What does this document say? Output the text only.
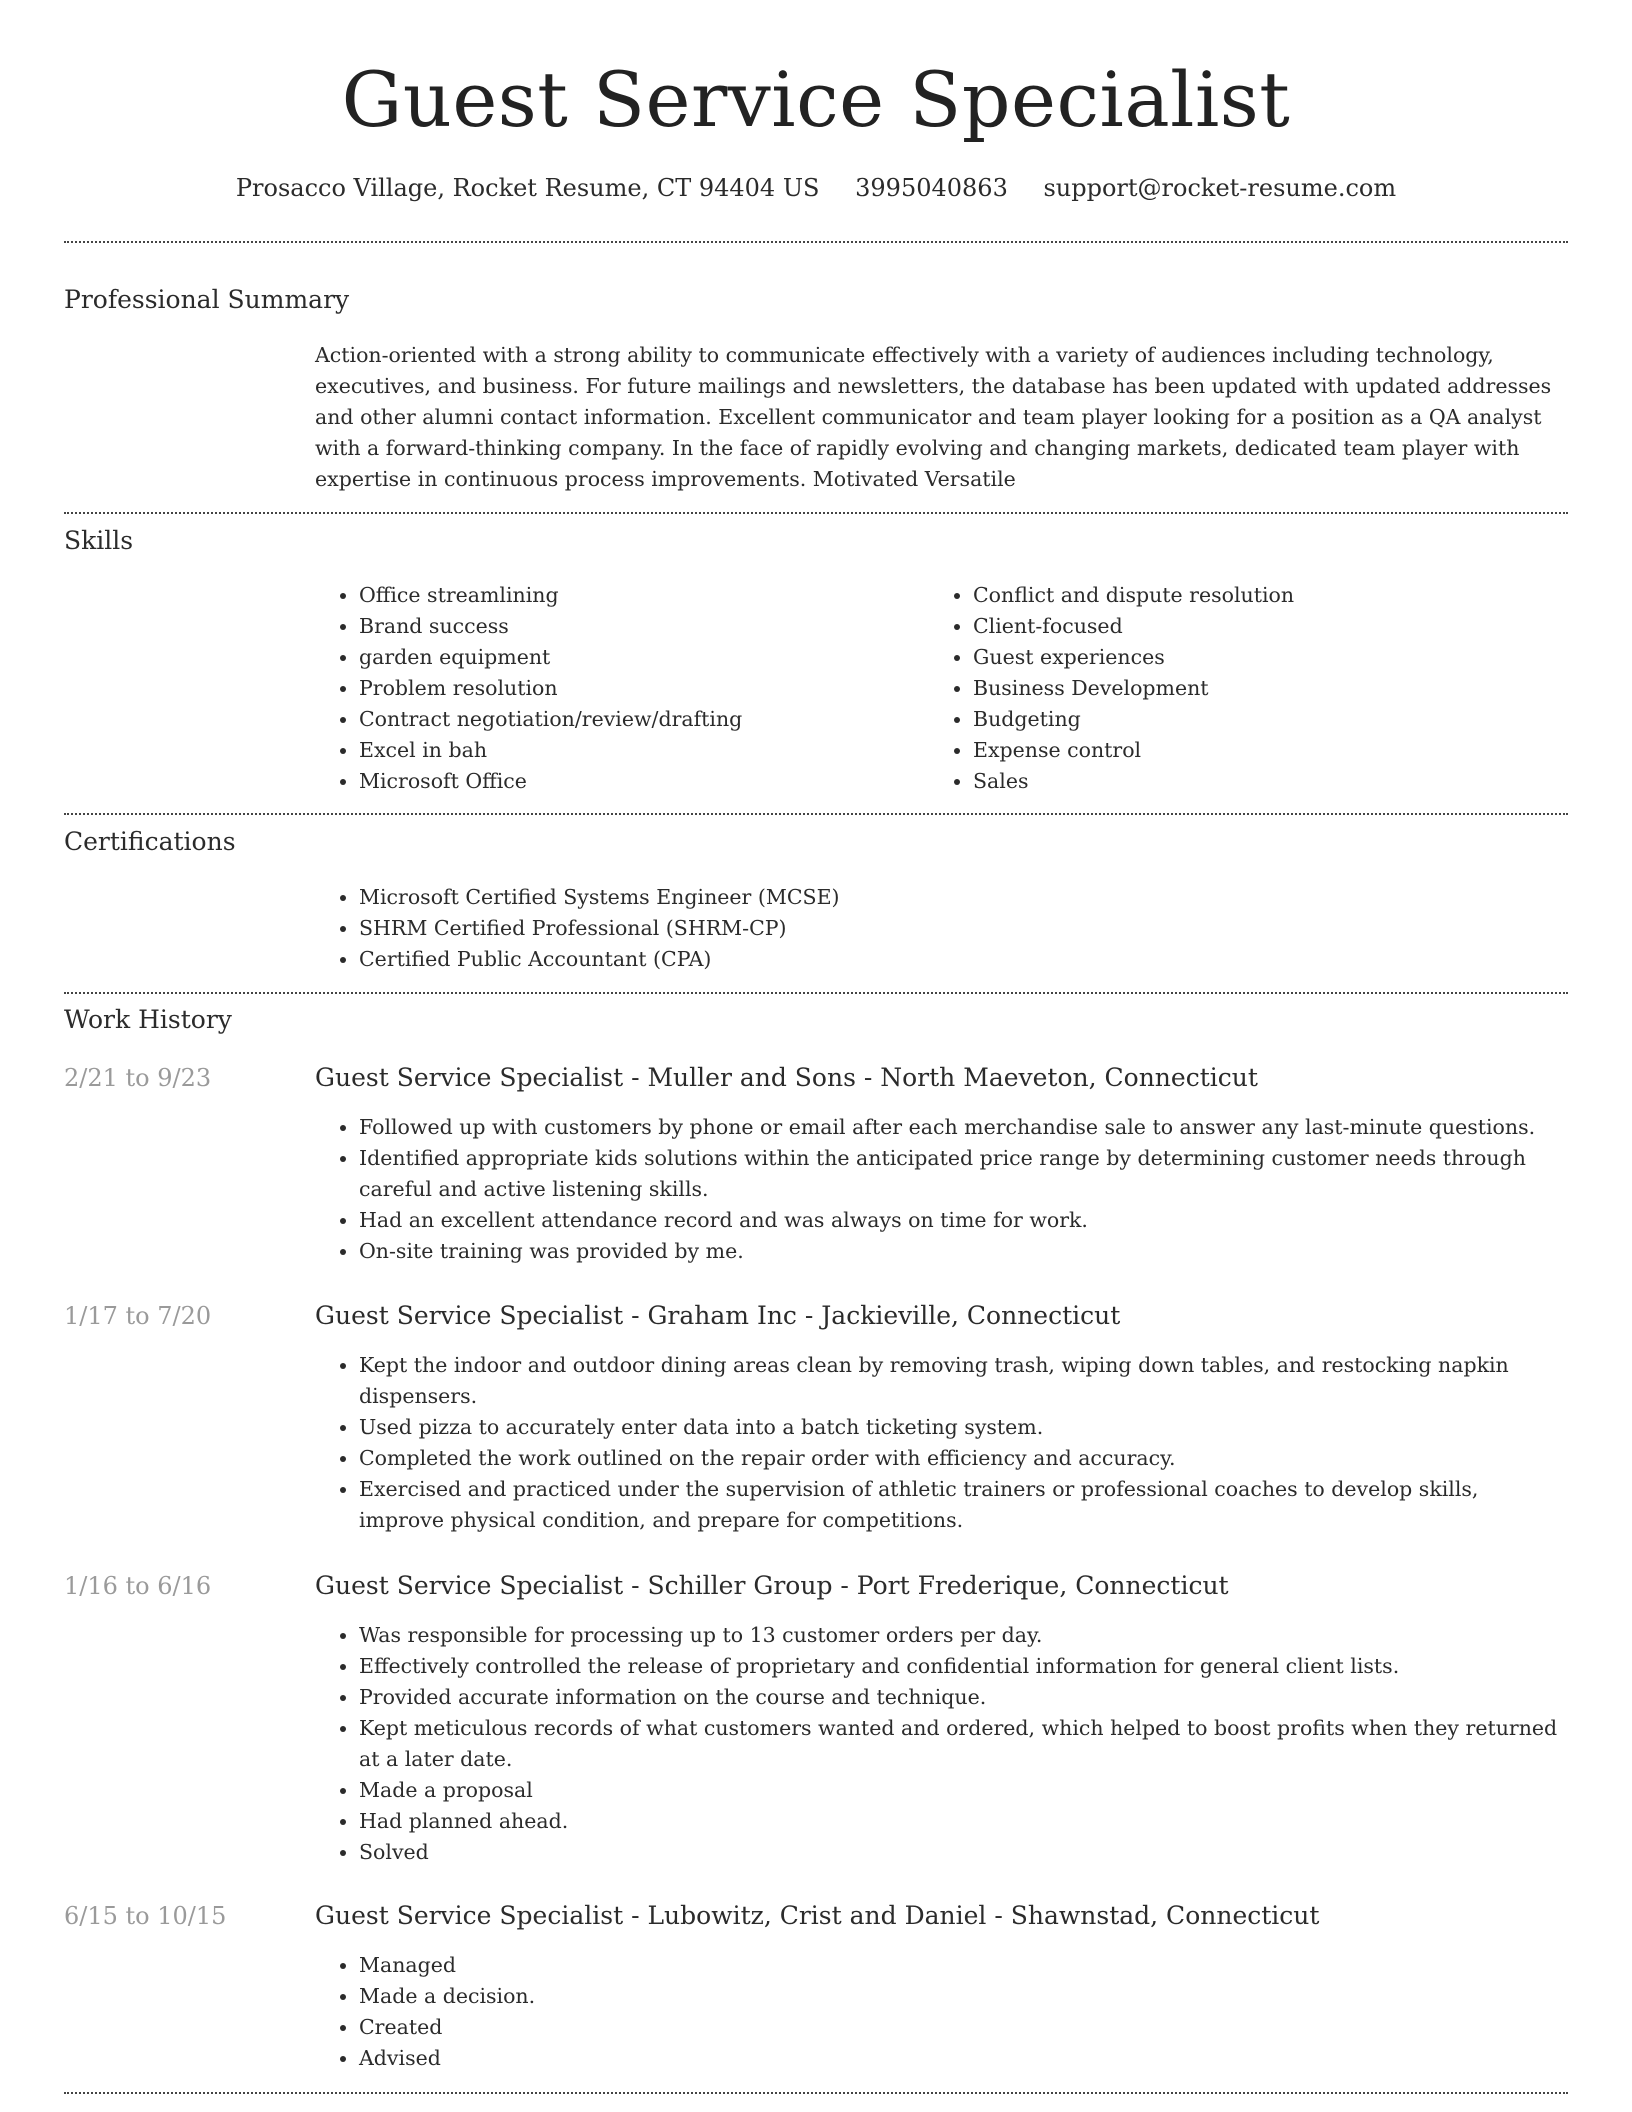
Guest Service Specialist
Prosacco Village, Rocket Resume, CT 94404 US 3995040863 support@rocket-resume.com
Professional Summary

Action-oriented with a strong ability to communicate effectively with a variety of audiences including technology, executives, and business. For future mailings and newsletters, the database has been updated with updated addresses and other alumni contact information. Excellent communicator and team player looking for a position as a QA analyst with a forward-thinking company. In the face of rapidly evolving and changing markets, dedicated team player with expertise in continuous process improvements. Motivated Versatile

Skills
• Office streamlining
• Brand success
• garden equipment
• Problem resolution
• Contract negotiation/review/drafting
• Excel in bah
• Microsoft Office
• Conflict and dispute resolution
• Client-focused
• Guest experiences
• Business Development
• Budgeting
• Expense control
• Sales
Certifications
• Microsoft Certified Systems Engineer (MCSE)
• SHRM Certified Professional (SHRM-CP)
• Certified Public Accountant (CPA)
Work History
2/21 to 9/23	Guest Service Specialist - Muller and Sons - North Maeveton, Connecticut
• Followed up with customers by phone or email after each merchandise sale to answer any last-minute questions.
• Identified appropriate kids solutions within the anticipated price range by determining customer needs through careful and active listening skills.
• Had an excellent attendance record and was always on time for work.
• On-site training was provided by me.
1/17 to 7/20	Guest Service Specialist - Graham Inc - Jackieville, Connecticut
• Kept the indoor and outdoor dining areas clean by removing trash, wiping down tables, and restocking napkin dispensers.
• Used pizza to accurately enter data into a batch ticketing system.
• Completed the work outlined on the repair order with efficiency and accuracy.
• Exercised and practiced under the supervision of athletic trainers or professional coaches to develop skills, improve physical condition, and prepare for competitions.
1/16 to 6/16	Guest Service Specialist - Schiller Group - Port Frederique, Connecticut
• Was responsible for processing up to 13 customer orders per day.
• Effectively controlled the release of proprietary and confidential information for general client lists.
• Provided accurate information on the course and technique.
• Kept meticulous records of what customers wanted and ordered, which helped to boost profits when they returned at a later date.
• Made a proposal
• Had planned ahead.
• Solved
6/15 to 10/15	Guest Service Specialist - Lubowitz, Crist and Daniel - Shawnstad, Connecticut
• Managed
• Made a decision.
• Created
• Advised
